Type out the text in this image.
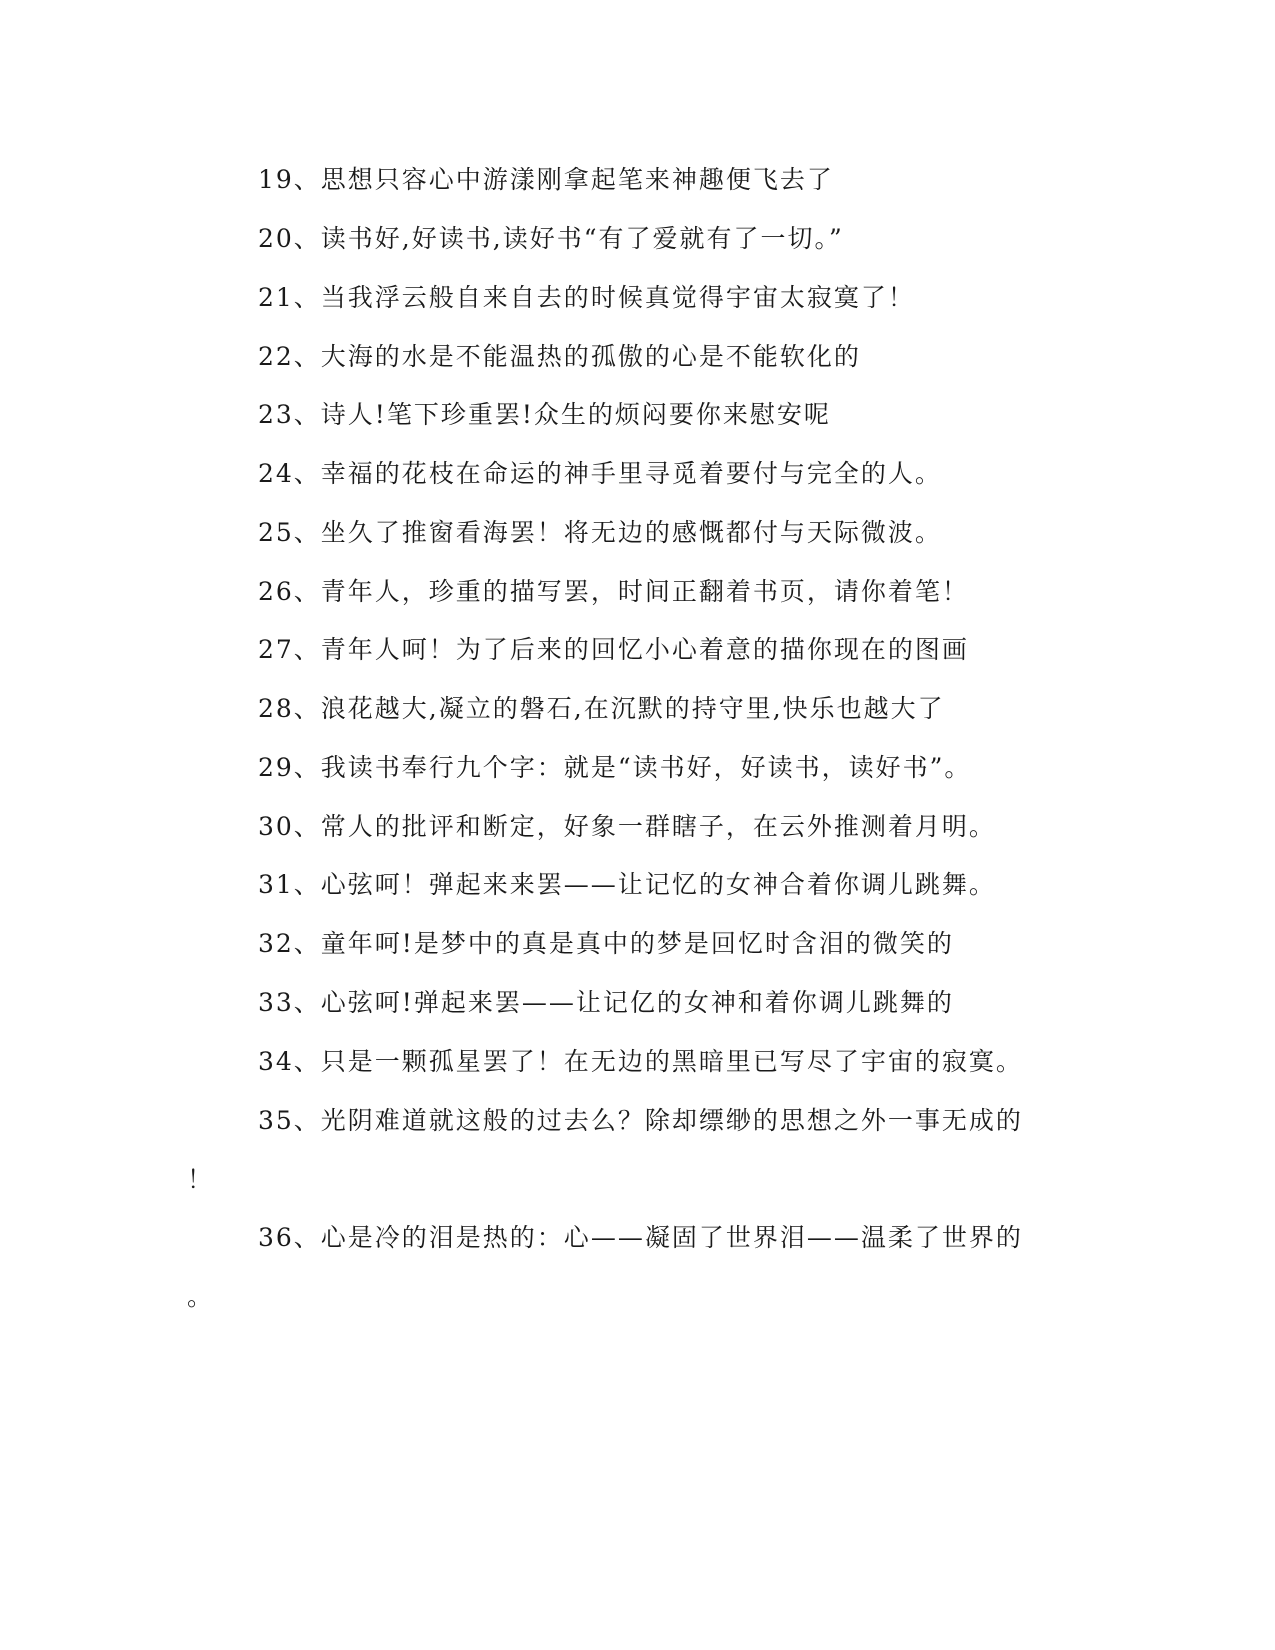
19、思想只容心中游漾刚拿起笔来神趣便飞去了
20、读书好,好读书,读好书“有了爱就有了一切。”
21、当我浮云般自来自去的时候真觉得宇宙太寂寞了！
22、大海的水是不能温热的孤傲的心是不能软化的
23、诗人!笔下珍重罢!众生的烦闷要你来慰安呢
24、幸福的花枝在命运的神手里寻觅着要付与完全的人。
25、坐久了推窗看海罢！将无边的感慨都付与天际微波。
26、青年人，珍重的描写罢，时间正翻着书页，请你着笔！
27、青年人呵！为了后来的回忆小心着意的描你现在的图画
28、浪花越大,凝立的磐石,在沉默的持守里,快乐也越大了
29、我读书奉行九个字：就是“读书好，好读书，读好书”。
30、常人的批评和断定，好象一群瞎子，在云外推测着月明。
31、心弦呵！弹起来来罢——让记忆的女神合着你调儿跳舞。
32、童年呵!是梦中的真是真中的梦是回忆时含泪的微笑的
33、心弦呵!弹起来罢——让记亿的女神和着你调儿跳舞的
34、只是一颗孤星罢了！在无边的黑暗里已写尽了宇宙的寂寞。
35、光阴难道就这般的过去么？除却缥缈的思想之外一事无成的
！
36、心是冷的泪是热的：心——凝固了世界泪——温柔了世界的
。
